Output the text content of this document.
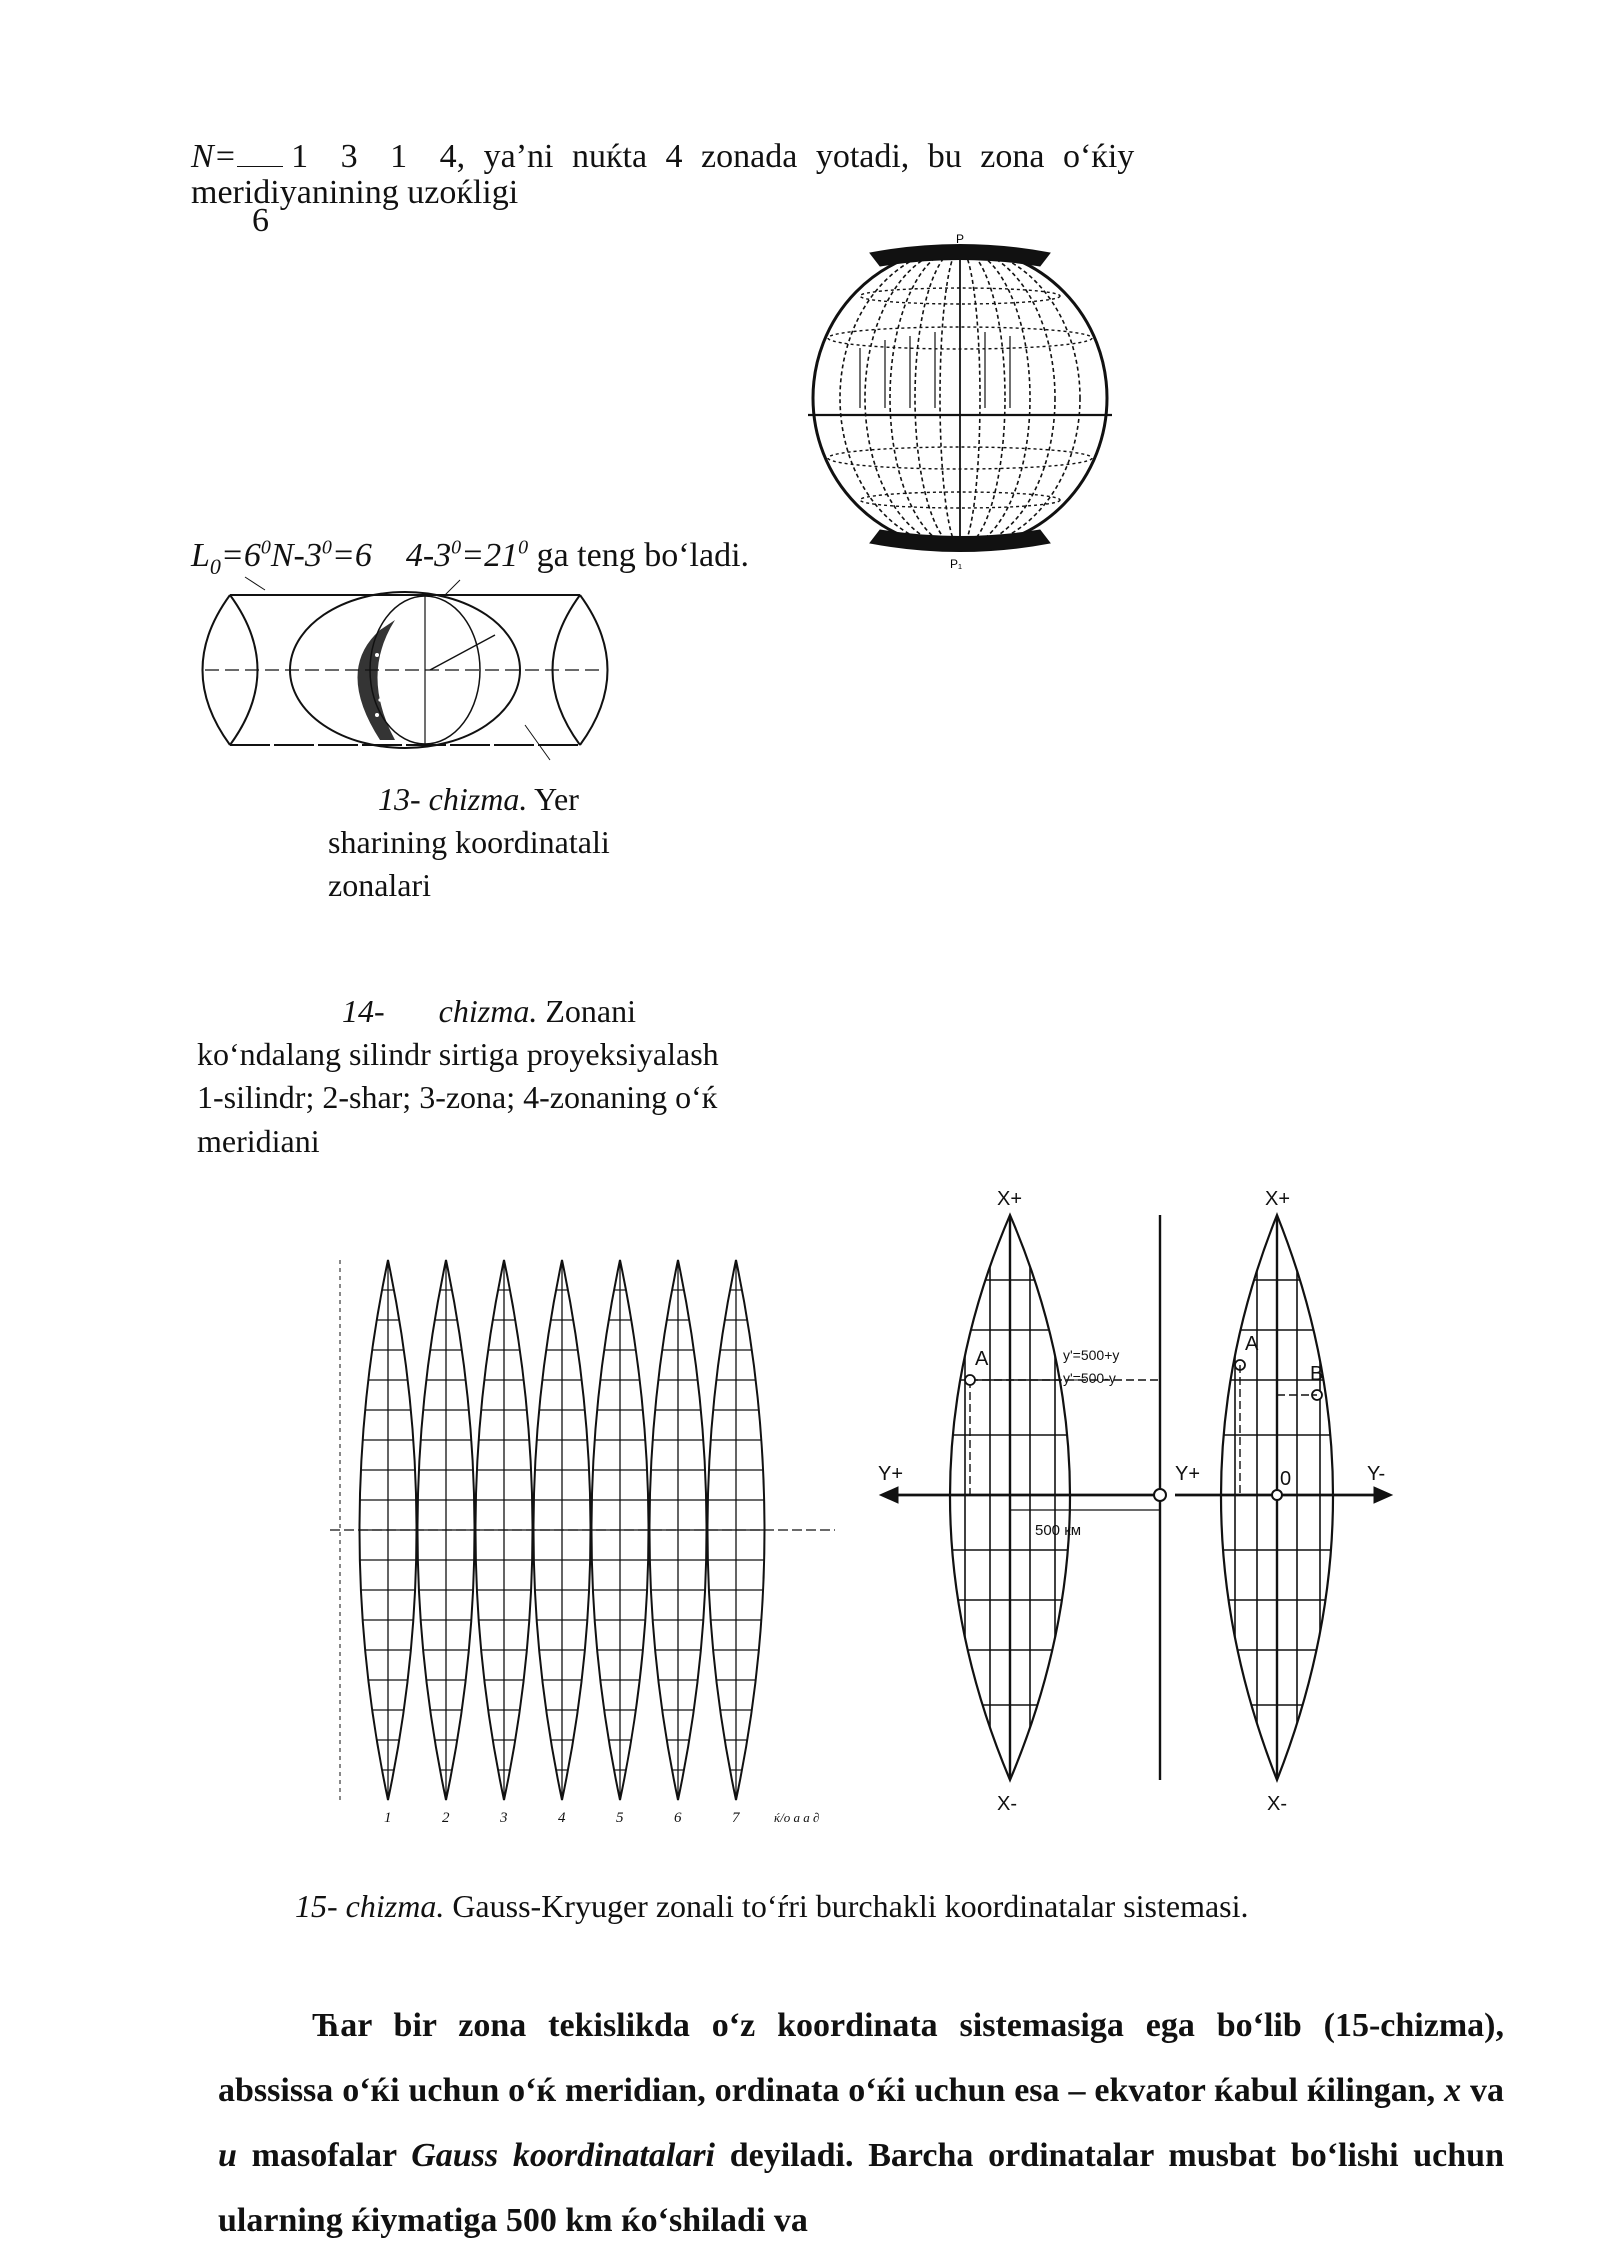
N= 1 3 1 4, ya’ni nuќta 4 zonada yotadi, bu zona o‘ќiy
meridiyanining uzoќligi
6	P
P₁
$L_0=6^0N-3^0=6$    $4-3^0=21^0$ ga teng bo‘ladi.
13- chizma. Yer sharining koordinatali zonalari
14- chizma. Zonani ko‘ndalang silindr sirtiga proyeksiyalash 1-silindr; 2-shar; 3-zona; 4-zonaning o‘ќ meridiani
1	2	3	4	5	6	7	ќ/о а а ∂
X+	X+
X-	X-
Y+	Y+	Y-
A
A
B
0
500 км
у'=500+у
у'=500-у
15- chizma. Gauss-Kryuger zonali to‘ŕri burchakli koordinatalar sistemasi.
Ћar bir zona tekislikda o‘z koordinata sistemasiga ega bo‘lib (15-chizma), abssissa o‘ќi uchun o‘ќ meridian, ordinata o‘ќi uchun esa – ekvator ќabul ќilingan, x va u masofalar Gauss koordinatalari deyiladi. Barcha ordinatalar musbat bo‘lishi uchun ularning ќiymatiga 500 km ќo‘shiladi va
